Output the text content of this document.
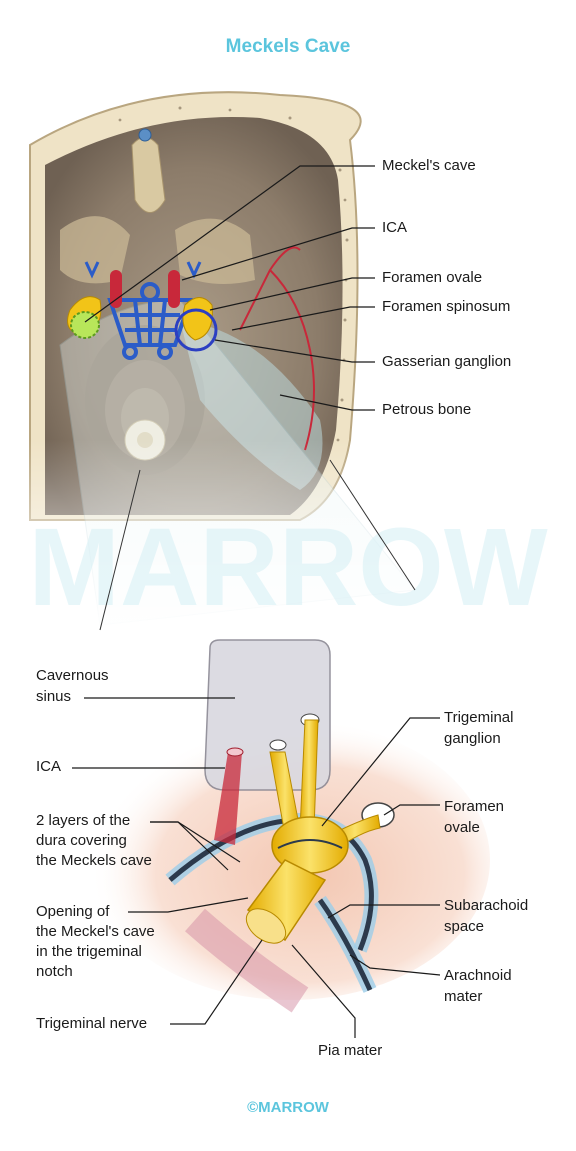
Meckels Cave
MARROW
Meckel's cave
ICA
Foramen ovale
Foramen spinosum
Gasserian ganglion
Petrous bone
Cavernous
sinus
ICA
2 layers of the
dura covering
the Meckels cave
Opening of
the Meckel's cave
in the trigeminal
notch
Trigeminal nerve
Trigeminal
ganglion
Foramen
ovale
Subarachoid
space
Arachnoid
mater
Pia mater
©MARROW
